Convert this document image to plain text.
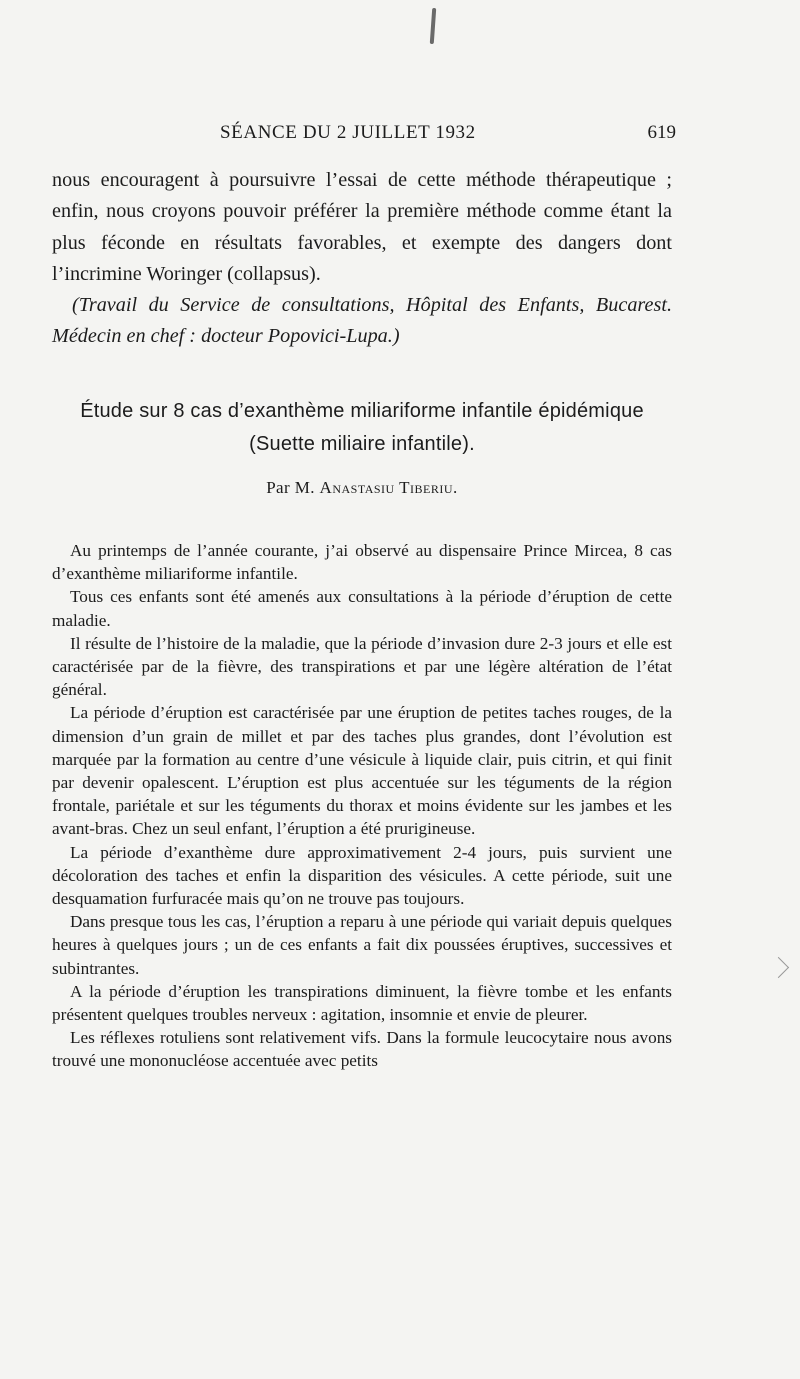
SÉANCE DU 2 JUILLET 1932	619

nous encouragent à poursuivre l’essai de cette méthode thérapeutique ; enfin, nous croyons pouvoir préférer la première méthode comme étant la plus féconde en résultats favorables, et exempte des dangers dont l’incrimine Woringer (collapsus).

(Travail du Service de consultations, Hôpital des Enfants, Bucarest. Médecin en chef : docteur Popovici-Lupa.)

Étude sur 8 cas d’exanthème miliariforme infantile épidémique
(Suette miliaire infantile).
Par M. Anastasiu Tiberiu.

Au printemps de l’année courante, j’ai observé au dispensaire Prince Mircea, 8 cas d’exanthème miliariforme infantile.

Tous ces enfants sont été amenés aux consultations à la période d’éruption de cette maladie.

Il résulte de l’histoire de la maladie, que la période d’invasion dure 2-3 jours et elle est caractérisée par de la fièvre, des transpirations et par une légère altération de l’état général.

La période d’éruption est caractérisée par une éruption de petites taches rouges, de la dimension d’un grain de millet et par des taches plus grandes, dont l’évolution est marquée par la formation au centre d’une vésicule à liquide clair, puis citrin, et qui finit par devenir opalescent. L’éruption est plus accentuée sur les téguments de la région frontale, pariétale et sur les téguments du thorax et moins évidente sur les jambes et les avant-bras. Chez un seul enfant, l’éruption a été prurigineuse.

La période d’exanthème dure approximativement 2-4 jours, puis survient une décoloration des taches et enfin la disparition des vésicules. A cette période, suit une desquamation furfuracée mais qu’on ne trouve pas toujours.

Dans presque tous les cas, l’éruption a reparu à une période qui variait depuis quelques heures à quelques jours ; un de ces enfants a fait dix poussées éruptives, successives et subintrantes.

A la période d’éruption les transpirations diminuent, la fièvre tombe et les enfants présentent quelques troubles nerveux : agitation, insomnie et envie de pleurer.

Les réflexes rotuliens sont relativement vifs. Dans la formule leucocytaire nous avons trouvé une mononucléose accentuée avec petits
